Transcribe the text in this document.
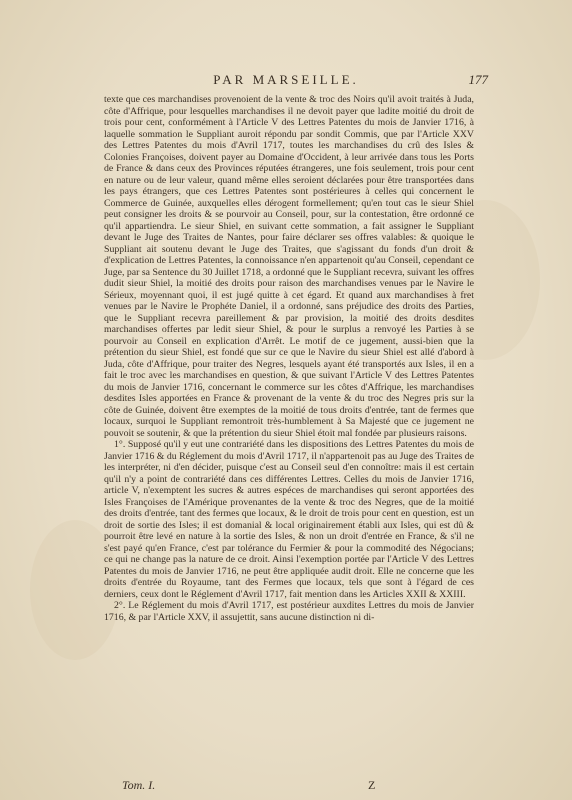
PAR MARSEILLE.	177

texte que ces marchandises provenoient de la vente & troc des Noirs qu'il avoit traités à Juda, côte d'Affrique, pour lesquelles marchandises il ne devoit payer que ladite moitié du droit de trois pour cent, conformément à l'Article V des Lettres Patentes du mois de Janvier 1716, à laquelle sommation le Suppliant auroit répondu par sondit Commis, que par l'Article XXV des Lettres Patentes du mois d'Avril 1717, toutes les marchandises du crû des Isles & Colonies Françoises, doivent payer au Domaine d'Occident, à leur arrivée dans tous les Ports de France & dans ceux des Provinces réputées étrangeres, une fois seulement, trois pour cent en nature ou de leur valeur, quand même elles seroient déclarées pour être transportées dans les pays étrangers, que ces Lettres Patentes sont postérieures à celles qui concernent le Commerce de Guinée, auxquelles elles dérogent formellement; qu'en tout cas le sieur Shiel peut consigner les droits & se pourvoir au Conseil, pour, sur la contestation, être ordonné ce qu'il appartiendra. Le sieur Shiel, en suivant cette sommation, a fait assigner le Suppliant devant le Juge des Traites de Nantes, pour faire déclarer ses offres valables: & quoique le Suppliant ait soutenu devant le Juge des Traites, que s'agissant du fonds d'un droit & d'explication de Lettres Patentes, la connoissance n'en appartenoit qu'au Conseil, cependant ce Juge, par sa Sentence du 30 Juillet 1718, a ordonné que le Suppliant recevra, suivant les offres dudit sieur Shiel, la moitié des droits pour raison des marchandises venues par le Navire le Sérieux, moyennant quoi, il est jugé quitte à cet égard. Et quand aux marchandises à fret venues par le Navire le Prophéte Daniel, il a ordonné, sans préjudice des droits des Parties, que le Suppliant recevra pareillement & par provision, la moitié des droits desdites marchandises offertes par ledit sieur Shiel, & pour le surplus a renvoyé les Parties à se pourvoir au Conseil en explication d'Arrêt. Le motif de ce jugement, aussi-bien que la prétention du sieur Shiel, est fondé que sur ce que le Navire du sieur Shiel est allé d'abord à Juda, côte d'Affrique, pour traiter des Negres, lesquels ayant été transportés aux Isles, il en a fait le troc avec les marchandises en question, & que suivant l'Article V des Lettres Patentes du mois de Janvier 1716, concernant le commerce sur les côtes d'Affrique, les marchandises desdites Isles apportées en France & provenant de la vente & du troc des Negres pris sur la côte de Guinée, doivent être exemptes de la moitié de tous droits d'entrée, tant de fermes que locaux, surquoi le Suppliant remontroit très-humblement à Sa Majesté que ce jugement ne pouvoit se soutenir, & que la prétention du sieur Shiel étoit mal fondée par plusieurs raisons.

1°. Supposé qu'il y eut une contrariété dans les dispositions des Lettres Patentes du mois de Janvier 1716 & du Réglement du mois d'Avril 1717, il n'appartenoit pas au Juge des Traites de les interpréter, ni d'en décider, puisque c'est au Conseil seul d'en connoître: mais il est certain qu'il n'y a point de contrariété dans ces différentes Lettres. Celles du mois de Janvier 1716, article V, n'exemptent les sucres & autres espéces de marchandises qui seront apportées des Isles Françoises de l'Amérique provenantes de la vente & troc des Negres, que de la moitié des droits d'entrée, tant des fermes que locaux, & le droit de trois pour cent en question, est un droit de sortie des Isles; il est domanial & local originairement établi aux Isles, qui est dû & pourroit être levé en nature à la sortie des Isles, & non un droit d'entrée en France, & s'il ne s'est payé qu'en France, c'est par tolérance du Fermier & pour la commodité des Négocians; ce qui ne change pas la nature de ce droit. Ainsi l'exemption portée par l'Article V des Lettres Patentes du mois de Janvier 1716, ne peut être appliquée audit droit. Elle ne concerne que les droits d'entrée du Royaume, tant des Fermes que locaux, tels que sont à l'égard de ces derniers, ceux dont le Réglement d'Avril 1717, fait mention dans les Articles XXII & XXIII.

2°. Le Réglement du mois d'Avril 1717, est postérieur auxdites Lettres du mois de Janvier 1716, & par l'Article XXV, il assujettit, sans aucune distinction ni di-

Tom. I.	Z
